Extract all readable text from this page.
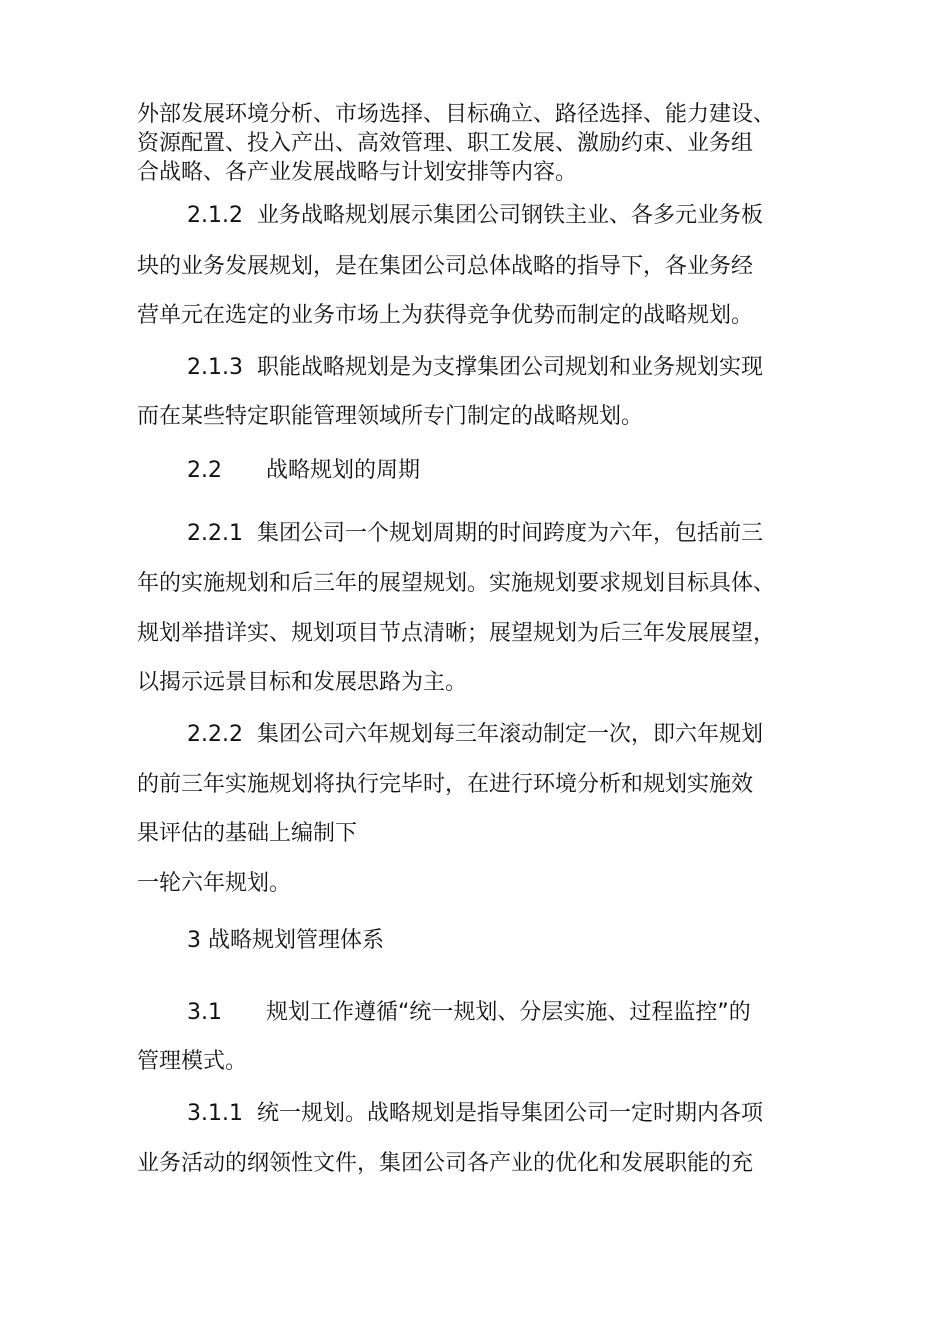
外部发展环境分析、市场选择、目标确立、路径选择、能力建设、
资源配置、投入产出、高效管理、职工发展、激励约束、业务组
合战略、各产业发展战略与计划安排等内容。
2.1.2 业务战略规划展示集团公司钢铁主业、各多元业务板
块的业务发展规划，是在集团公司总体战略的指导下，各业务经
营单元在选定的业务市场上为获得竞争优势而制定的战略规划。
2.1.3 职能战略规划是为支撑集团公司规划和业务规划实现
而在某些特定职能管理领域所专门制定的战略规划。
2.2 战略规划的周期
2.2.1 集团公司一个规划周期的时间跨度为六年，包括前三
年的实施规划和后三年的展望规划。实施规划要求规划目标具体、
规划举措详实、规划项目节点清晰；展望规划为后三年发展展望，
以揭示远景目标和发展思路为主。
2.2.2 集团公司六年规划每三年滚动制定一次，即六年规划
的前三年实施规划将执行完毕时，在进行环境分析和规划实施效
果评估的基础上编制下
一轮六年规划。
3 战略规划管理体系
3.1 规划工作遵循“统一规划、分层实施、过程监控”的
管理模式。
3.1.1 统一规划。战略规划是指导集团公司一定时期内各项
业务活动的纲领性文件，集团公司各产业的优化和发展职能的充
